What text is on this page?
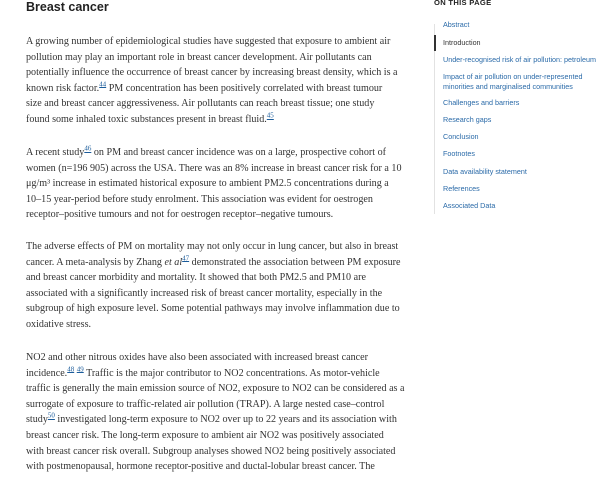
Breast cancer

A growing number of epidemiological studies have suggested that exposure to ambient air
pollution may play an important role in breast cancer development. Air pollutants can
potentially influence the occurrence of breast cancer by increasing breast density, which is a
known risk factor.$^{44}$ PM concentration has been positively correlated with breast tumour
size and breast cancer aggressiveness. Air pollutants can reach breast tissue; one study
found some inhaled toxic substances present in breast fluid.$^{45}$

A recent study$^{46}$ on PM and breast cancer incidence was on a large, prospective cohort of
women (n=196 905) across the USA. There was an 8% increase in breast cancer risk for a 10
μg/m³ increase in estimated historical exposure to ambient PM2.5 concentrations during a
10–15 year-period before study enrolment. This association was evident for oestrogen
receptor–positive tumours and not for oestrogen receptor–negative tumours.

The adverse effects of PM on mortality may not only occur in lung cancer, but also in breast
cancer. A meta-analysis by Zhang et al$^{47}$ demonstrated the association between PM exposure
and breast cancer morbidity and mortality. It showed that both PM2.5 and PM10 are
associated with a significantly increased risk of breast cancer mortality, especially in the
subgroup of high exposure level. Some potential pathways may involve inflammation due to
oxidative stress.

NO2 and other nitrous oxides have also been associated with increased breast cancer
incidence.$^{48}$ $^{49}$ Traffic is the major contributor to NO2 concentrations. As motor-vehicle
traffic is generally the main emission source of NO2, exposure to NO2 can be considered as a
surrogate of exposure to traffic-related air pollution (TRAP). A large nested case–control
study$^{50}$ investigated long-term exposure to NO2 over up to 22 years and its association with
breast cancer risk. The long-term exposure to ambient air NO2 was positively associated
with breast cancer risk overall. Subgroup analyses showed NO2 being positively associated
with postmenopausal, hormone receptor-positive and ductal-lobular breast cancer. The

ON THIS PAGE
Abstract
Introduction
Under-recognised risk of air pollution: petroleum
Impact of air pollution on under-represented
minorities and marginalised communities
Challenges and barriers
Research gaps
Conclusion
Footnotes
Data availability statement
References
Associated Data
